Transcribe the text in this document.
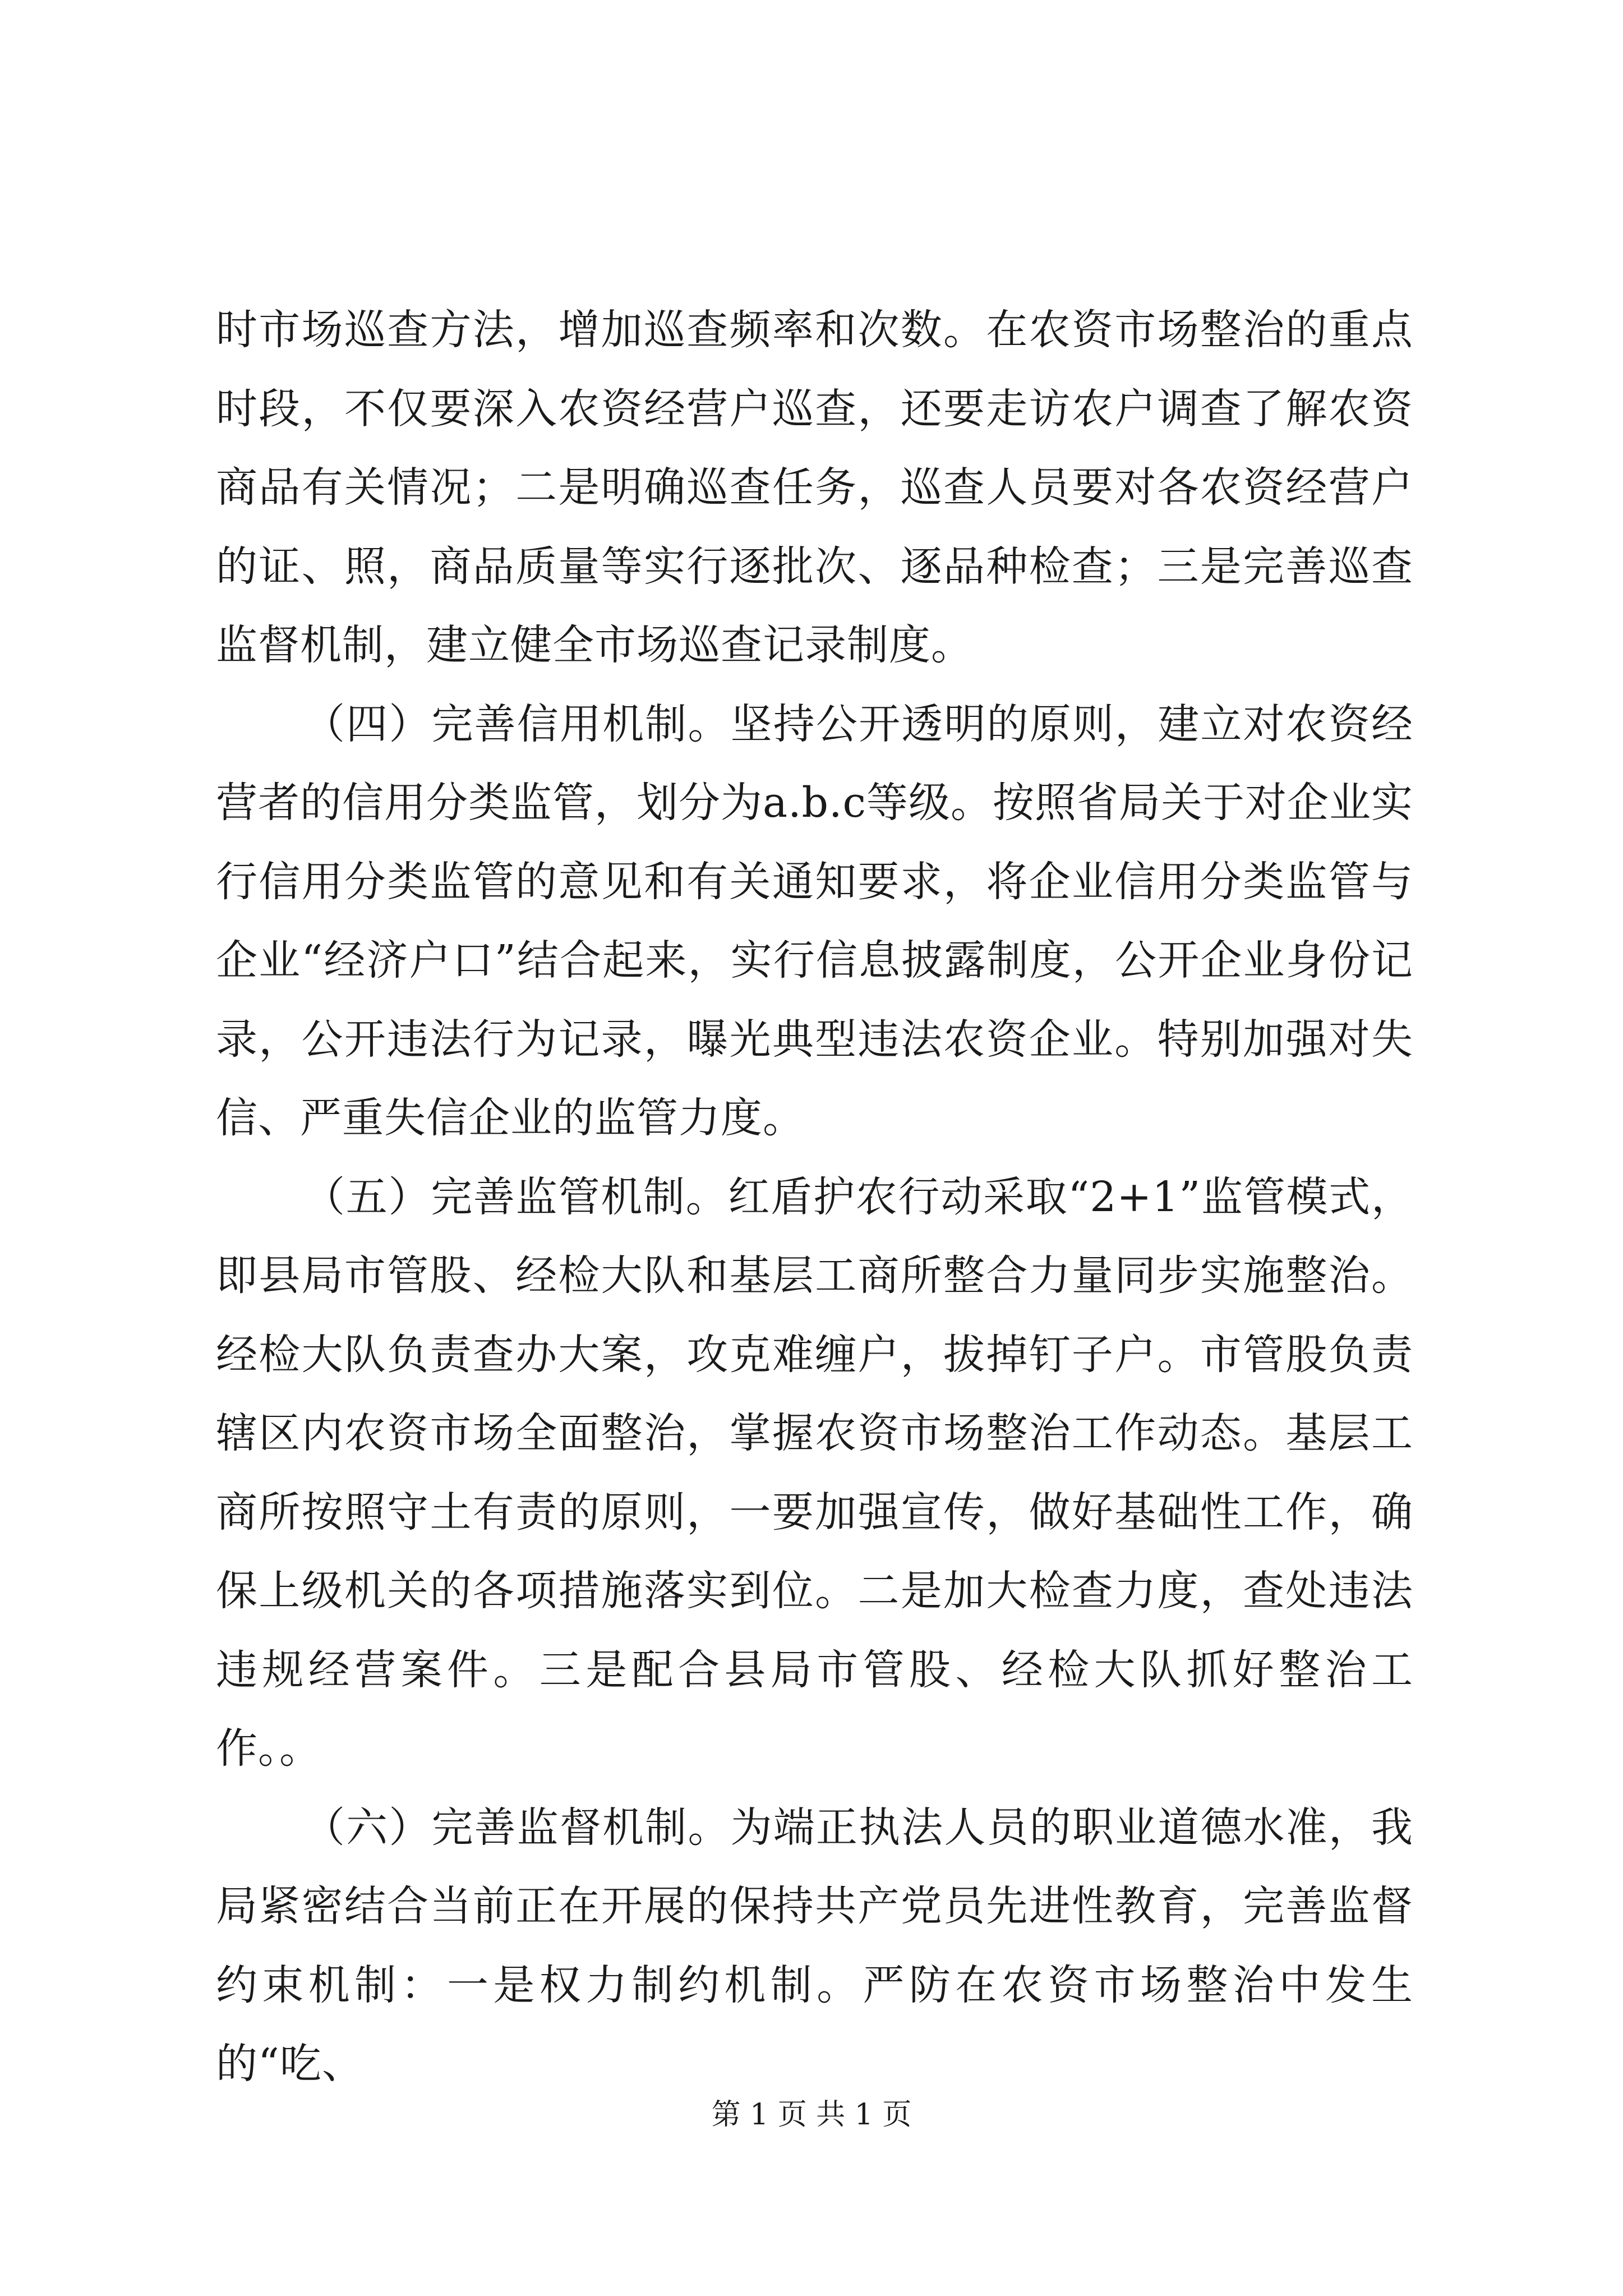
时市场巡查方法，增加巡查频率和次数。在农资市场整治的重点时段，不仅要深入农资经营户巡查，还要走访农户调查了解农资商品有关情况；二是明确巡查任务，巡查人员要对各农资经营户的证、照，商品质量等实行逐批次、逐品种检查；三是完善巡查监督机制，建立健全市场巡查记录制度。

（四）完善信用机制。坚持公开透明的原则，建立对农资经营者的信用分类监管，划分为a.b.c等级。按照省局关于对企业实行信用分类监管的意见和有关通知要求，将企业信用分类监管与企业“经济户口”结合起来，实行信息披露制度，公开企业身份记录，公开违法行为记录，曝光典型违法农资企业。特别加强对失信、严重失信企业的监管力度。

（五）完善监管机制。红盾护农行动采取“2+1”监管模式，即县局市管股、经检大队和基层工商所整合力量同步实施整治。经检大队负责查办大案，攻克难缠户，拔掉钉子户。市管股负责辖区内农资市场全面整治，掌握农资市场整治工作动态。基层工商所按照守土有责的原则，一要加强宣传，做好基础性工作，确保上级机关的各项措施落实到位。二是加大检查力度，查处违法违规经营案件。三是配合县局市管股、经检大队抓好整治工作。。

（六）完善监督机制。为端正执法人员的职业道德水准，我局紧密结合当前正在开展的保持共产党员先进性教育，完善监督约束机制：一是权力制约机制。严防在农资市场整治中发生的“吃、

第 1 页 共 1 页
